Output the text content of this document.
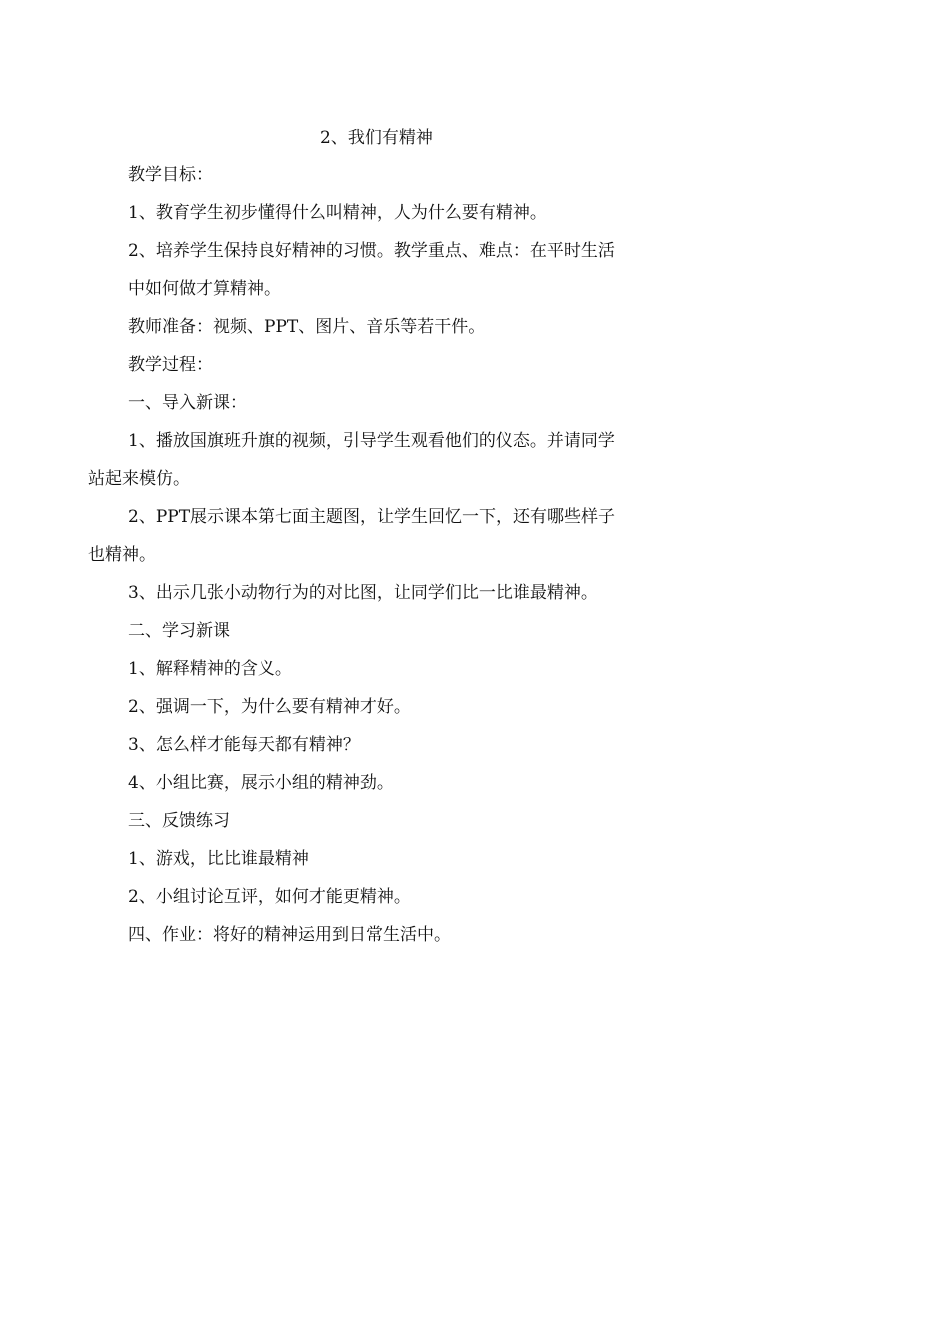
2、我们有精神
教学目标：
1、教育学生初步懂得什么叫精神，人为什么要有精神。
2、培养学生保持良好精神的习惯。教学重点、难点：在平时生活
中如何做才算精神。
教师准备：视频、PPT、图片、音乐等若干件。
教学过程：
一、导入新课：
1、播放国旗班升旗的视频，引导学生观看他们的仪态。并请同学
站起来模仿。
2、PPT展示课本第七面主题图，让学生回忆一下，还有哪些样子
也精神。
3、出示几张小动物行为的对比图，让同学们比一比谁最精神。
二、学习新课
1、解释精神的含义。
2、强调一下，为什么要有精神才好。
3、怎么样才能每天都有精神？
4、小组比赛，展示小组的精神劲。
三、反馈练习
1、游戏，比比谁最精神
2、小组讨论互评，如何才能更精神。
四、作业：将好的精神运用到日常生活中。
